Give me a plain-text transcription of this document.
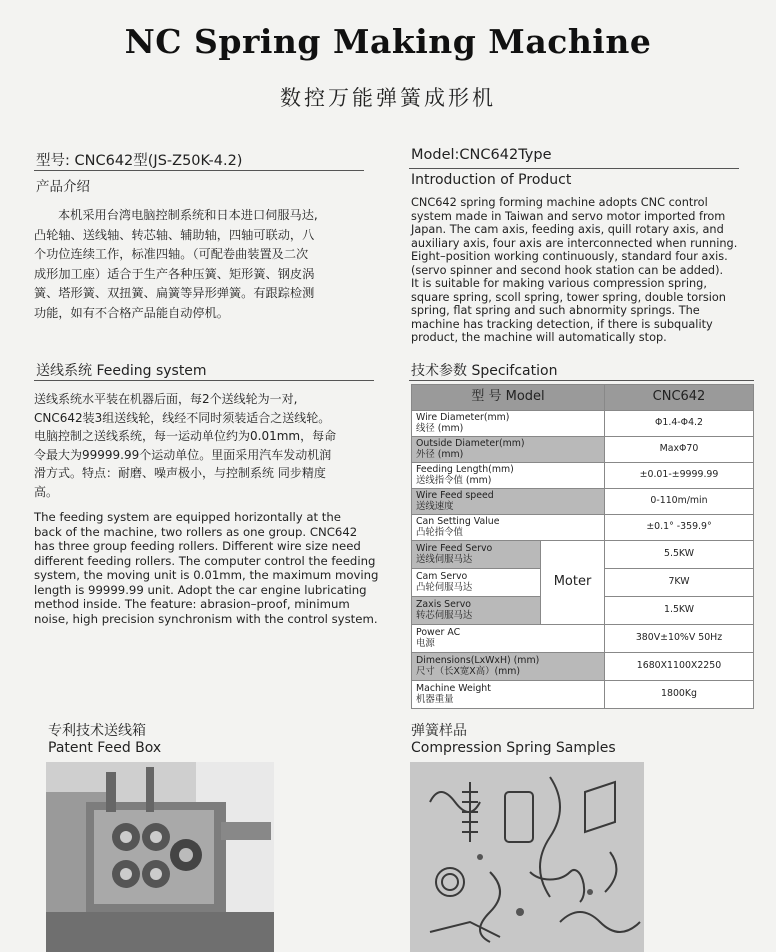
NC Spring Making Machine
数控万能弹簧成形机
型号: CNC642型(JS-Z50K-4.2)
产品介绍
本机采用台湾电脑控制系统和日本进口伺服马达,
凸轮轴、送线轴、转芯轴、辅助轴，四轴可联动，八
个功位连续工作，标准四轴。（可配卷曲装置及二次
成形加工座）适合于生产各种压簧、矩形簧、钢皮涡
簧、塔形簧、双扭簧、扁簧等异形弹簧。有跟踪检测
功能，如有不合格产品能自动停机。
送线系统 Feeding system
送线系统水平装在机器后面，每2个送线轮为一对,
CNC642装3组送线轮，线经不同时须装适合之送线轮。
电脑控制之送线系统，每一运动单位约为0.01mm，每命
令最大为99999.99个运动单位。里面采用汽车发动机润
滑方式。特点：耐磨、噪声极小，与控制系统 同步精度
高。
The feeding system are equipped horizontally at the
back of the machine, two rollers as one group. CNC642
has three group feeding rollers. Different wire size need
different feeding rollers. The computer control the feeding
system, the moving unit is 0.01mm, the maximum moving
length is 99999.99 unit. Adopt the car engine lubricating
method inside. The feature: abrasion–proof, minimum
noise, high precision synchronism with the control system.
专利技术送线箱
Patent Feed Box
Model:CNC642Type
Introduction of Product
CNC642 spring forming machine adopts CNC control
system made in Taiwan and servo motor imported from
Japan. The cam axis, feeding axis, quill rotary axis, and
auxiliary axis, four axis are interconnected when running.
Eight–position working continuously, standard four axis.
(servo spinner and second hook station can be added).
It is suitable for making various compression spring,
square spring, scoll spring, tower spring, double torsion
spring, flat spring and such abnormity springs. The
machine has tracking detection, if there is subquality
product, the machine will automatically stop.
技术参数 Specifcation
型 号 Model		CNC642

Wire Diameter(mm)
线径 (mm)		Φ1.4-Φ4.2

Outside Diameter(mm)
外径 (mm)		MaxΦ70

Feeding Length(mm)
送线指令值 (mm)		±0.01-±9999.99

Wire Feed speed
送线速度		0-110m/min

Can Setting Value
凸轮指令值		±0.1° -359.9°

Wire Feed Servo
送线伺服马达	Moter	5.5KW

Cam Servo
凸轮伺服马达		7KW

Zaxis Servo
转芯伺服马达		1.5KW

Power AC
电源		380V±10%V 50Hz

Dimensions(LxWxH) (mm)
尺寸（长X宽X高）(mm)		1680X1100X2250

Machine Weight
机器重量		1800Kg
弹簧样品
Compression Spring Samples
